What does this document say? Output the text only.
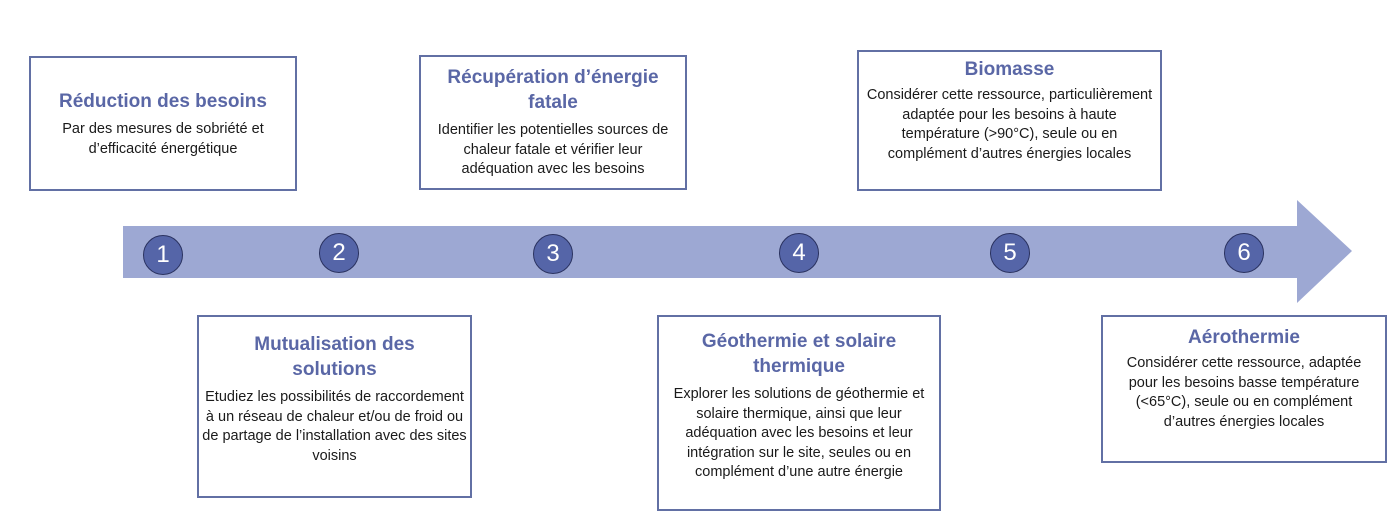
1	2	3	4	5	6
Réduction des besoins
Par des mesures de sobriété et d’efficacité énergétique
Récupération d’énergie fatale
Identifier les potentielles sources de chaleur fatale et vérifier leur adéquation avec les besoins
Biomasse
Considérer cette ressource, particulièrement adaptée pour les besoins à haute température (>90°C), seule ou en complément d’autres énergies locales
Mutualisation des solutions
Etudiez les possibilités de raccordement à un réseau de chaleur et/ou de froid ou de partage de l’installation avec des sites voisins
Géothermie et solaire thermique
Explorer les solutions de géothermie et solaire thermique, ainsi que leur adéquation avec les besoins et leur intégration sur le site, seules ou en complément d’une autre énergie
Aérothermie
Considérer cette ressource, adaptée pour les besoins basse température (<65°C), seule ou en complément d’autres énergies locales
